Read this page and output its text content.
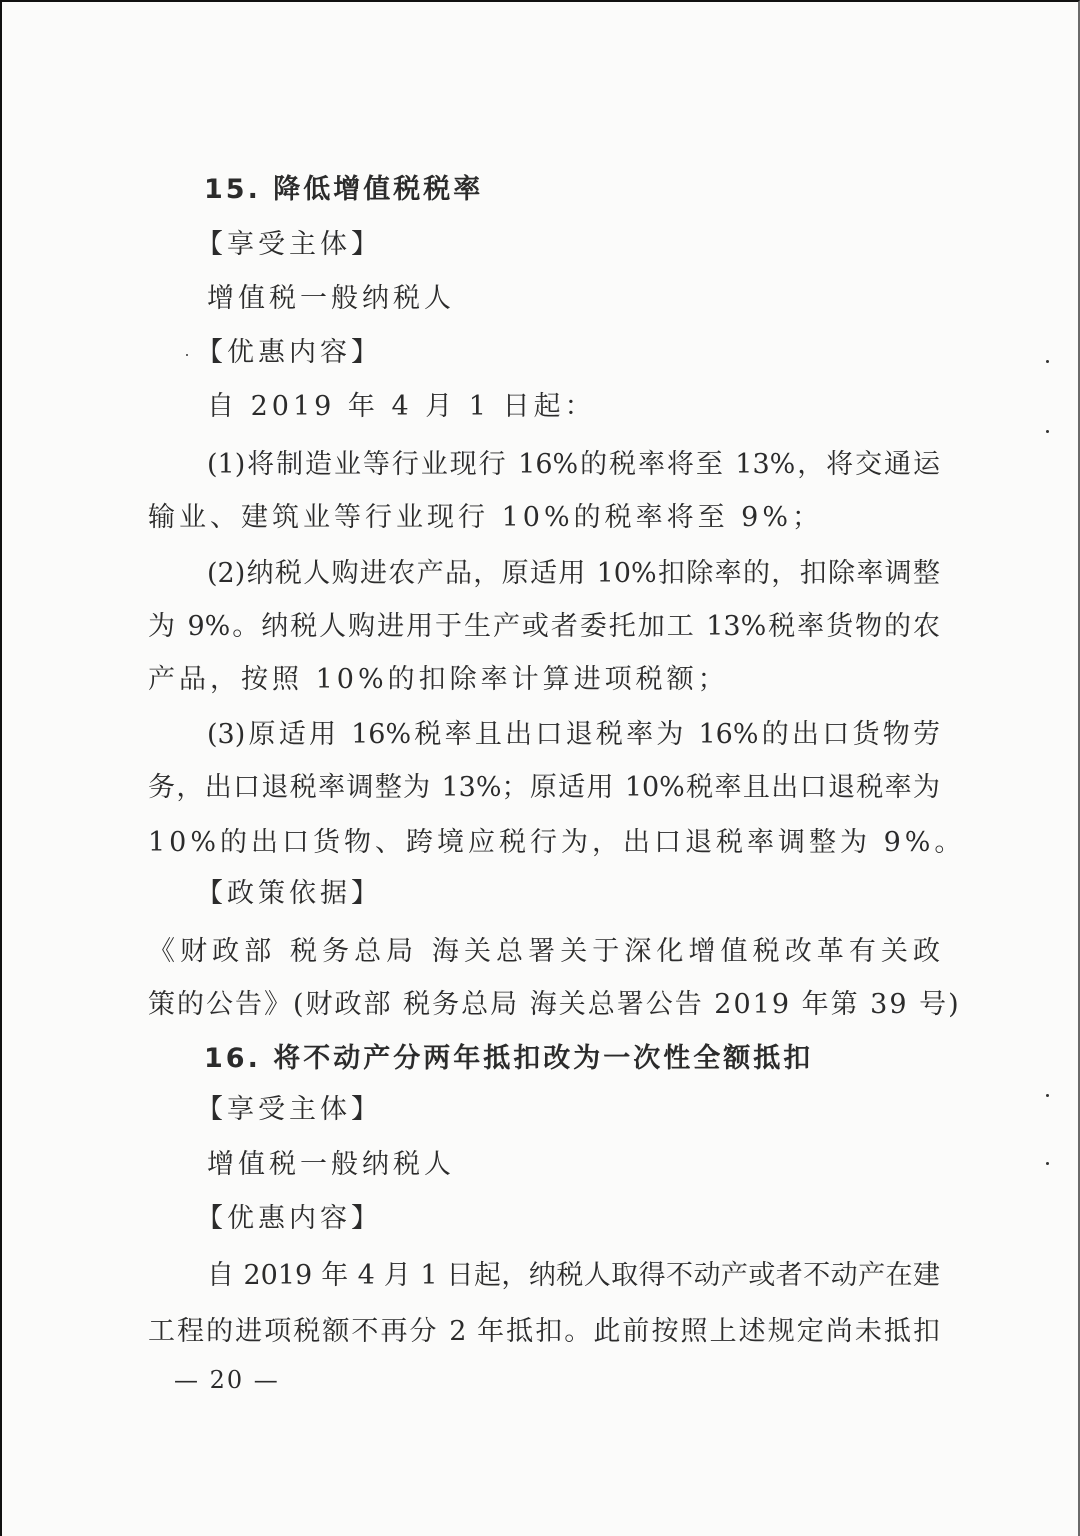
15. 降低增值税税率
【享受主体】
增值税一般纳税人
【优惠内容】
自 2019 年 4 月 1 日起：
(1)将制造业等行业现行 16%的税率将至 13%，将交通运
输业、建筑业等行业现行 10%的税率将至 9%；
(2)纳税人购进农产品，原适用 10%扣除率的，扣除率调整
为 9%。纳税人购进用于生产或者委托加工 13%税率货物的农
产品，按照 10%的扣除率计算进项税额；
(3)原适用 16%税率且出口退税率为 16%的出口货物劳
务，出口退税率调整为 13%；原适用 10%税率且出口退税率为
10%的出口货物、跨境应税行为，出口退税率调整为 9%。
【政策依据】
《财政部 税务总局 海关总署关于深化增值税改革有关政
策的公告》(财政部 税务总局 海关总署公告 2019 年第 39 号)
16. 将不动产分两年抵扣改为一次性全额抵扣
【享受主体】
增值税一般纳税人
【优惠内容】
自 2019 年 4 月 1 日起，纳税人取得不动产或者不动产在建
工程的进项税额不再分 2 年抵扣。此前按照上述规定尚未抵扣
— 20 —
